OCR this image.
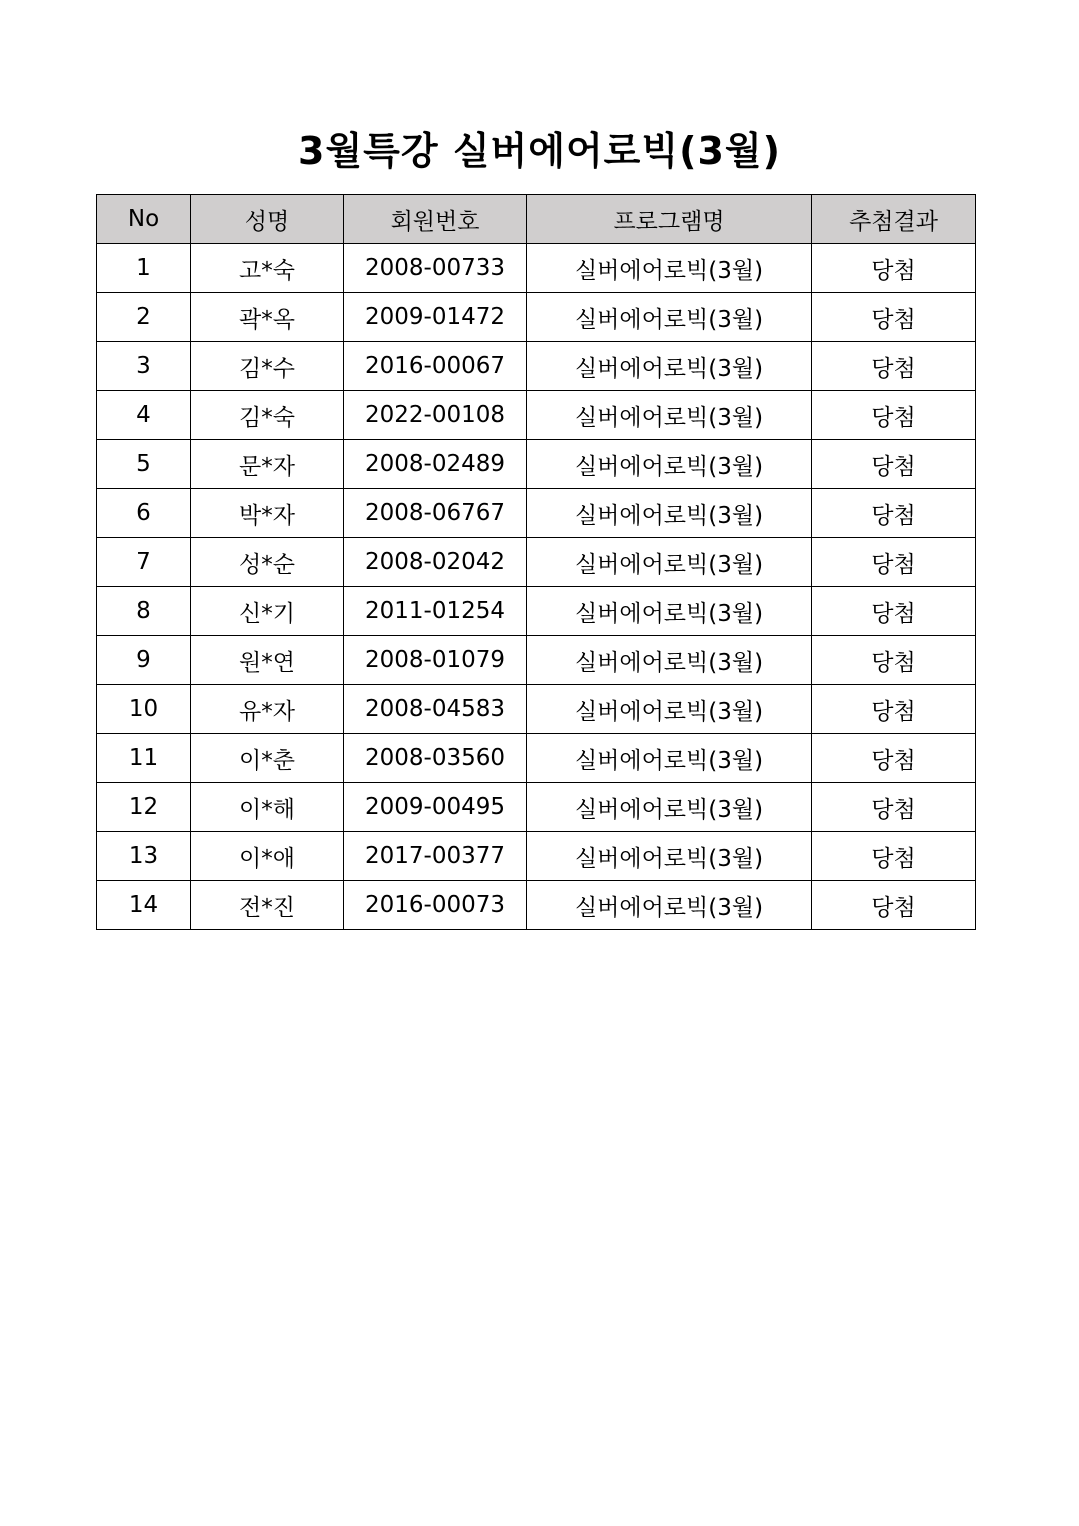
3월특강 실버에어로빅(3월)
No	성명	회원번호	프로그램명	추첨결과
1	고*숙	2008-00733	실버에어로빅(3월)	당첨
2	곽*옥	2009-01472	실버에어로빅(3월)	당첨
3	김*수	2016-00067	실버에어로빅(3월)	당첨
4	김*숙	2022-00108	실버에어로빅(3월)	당첨
5	문*자	2008-02489	실버에어로빅(3월)	당첨
6	박*자	2008-06767	실버에어로빅(3월)	당첨
7	성*순	2008-02042	실버에어로빅(3월)	당첨
8	신*기	2011-01254	실버에어로빅(3월)	당첨
9	원*연	2008-01079	실버에어로빅(3월)	당첨
10	유*자	2008-04583	실버에어로빅(3월)	당첨
11	이*춘	2008-03560	실버에어로빅(3월)	당첨
12	이*해	2009-00495	실버에어로빅(3월)	당첨
13	이*애	2017-00377	실버에어로빅(3월)	당첨
14	전*진	2016-00073	실버에어로빅(3월)	당첨
